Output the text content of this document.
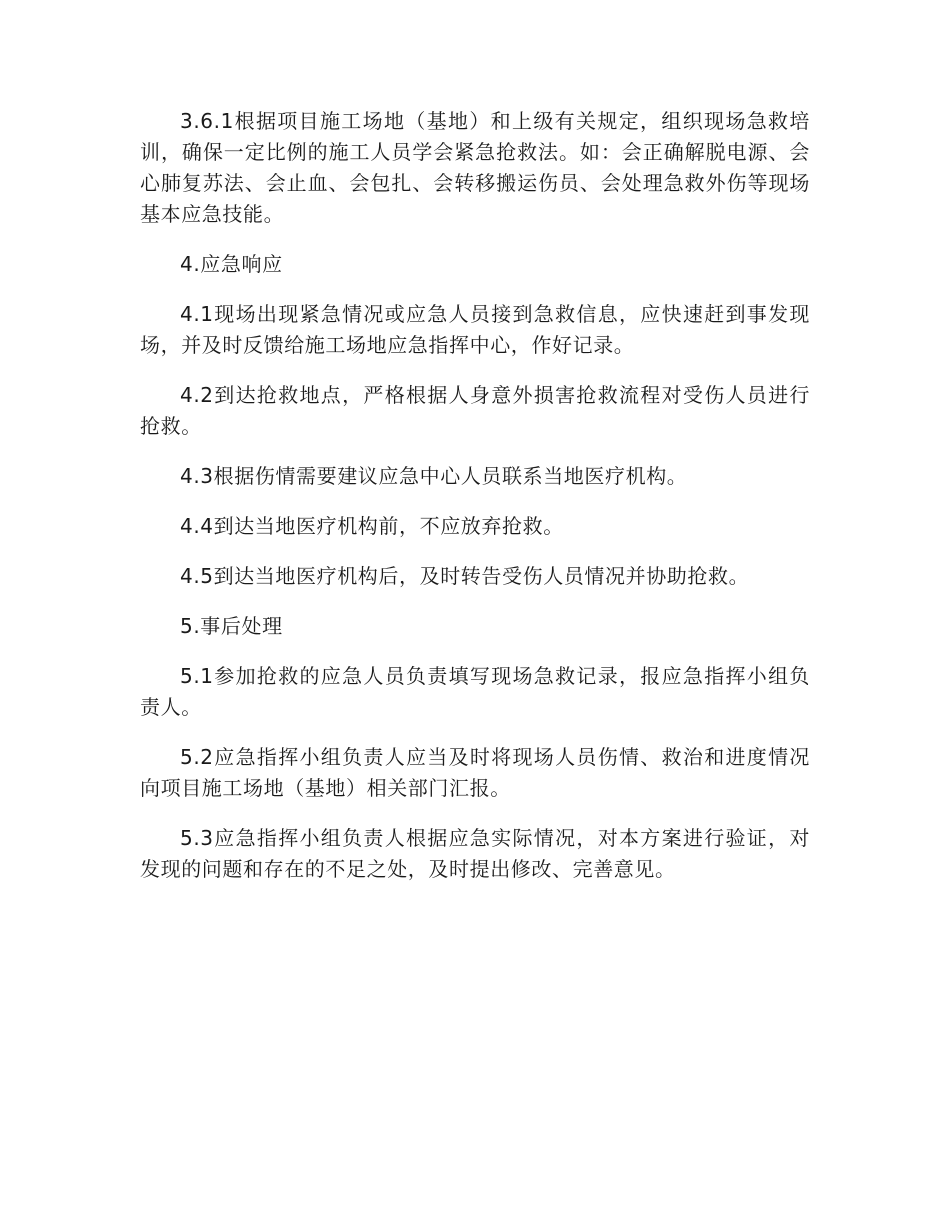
3.6.1根据项目施工场地（基地）和上级有关规定，组织现场急救培训，确保一定比例的施工人员学会紧急抢救法。如：会正确解脱电源、会心肺复苏法、会止血、会包扎、会转移搬运伤员、会处理急救外伤等现场基本应急技能。

4.应急响应

4.1现场出现紧急情况或应急人员接到急救信息，应快速赶到事发现场，并及时反馈给施工场地应急指挥中心，作好记录。

4.2到达抢救地点，严格根据人身意外损害抢救流程对受伤人员进行抢救。

4.3根据伤情需要建议应急中心人员联系当地医疗机构。

4.4到达当地医疗机构前，不应放弃抢救。

4.5到达当地医疗机构后，及时转告受伤人员情况并协助抢救。

5.事后处理

5.1参加抢救的应急人员负责填写现场急救记录，报应急指挥小组负责人。

5.2应急指挥小组负责人应当及时将现场人员伤情、救治和进度情况向项目施工场地（基地）相关部门汇报。

5.3应急指挥小组负责人根据应急实际情况，对本方案进行验证，对发现的问题和存在的不足之处，及时提出修改、完善意见。
